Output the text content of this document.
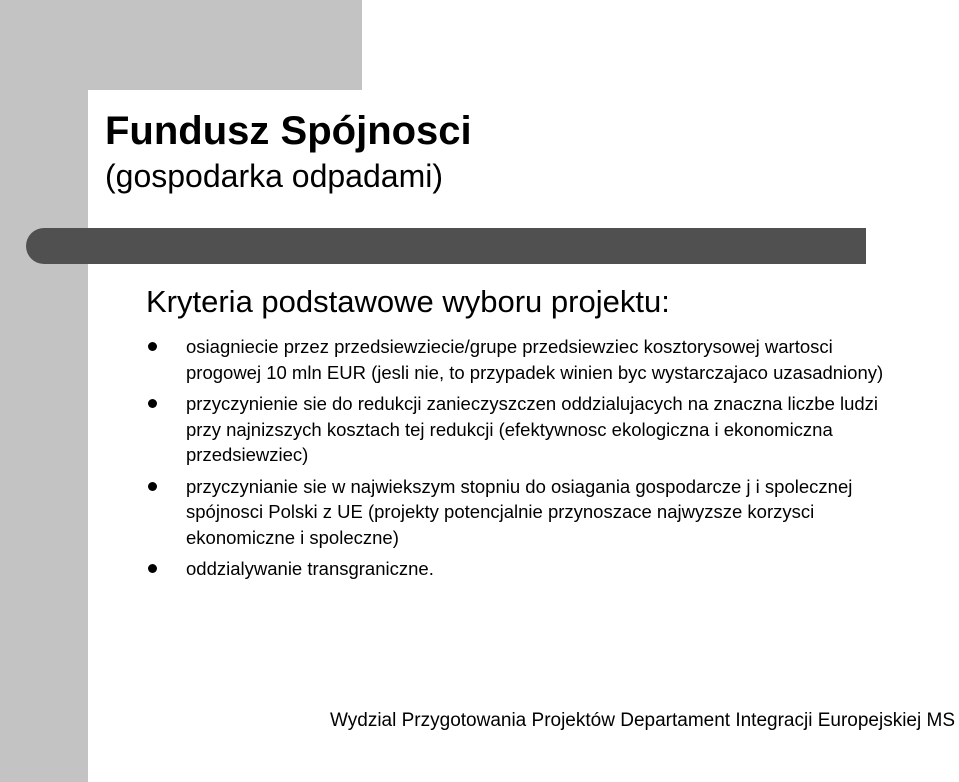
Fundusz Spójnosci

(gospodarka odpadami)

Kryteria podstawowe wyboru projektu:
osiagniecie przez przedsiewziecie/grupe przedsiewziec kosztorysowej wartosci progowej 10 mln EUR (jesli nie, to przypadek winien byc wystarczajaco uzasadniony)
przyczynienie sie do redukcji zanieczyszczen oddzialujacych na znaczna liczbe ludzi przy najnizszych kosztach tej redukcji (efektywnosc ekologiczna i ekonomiczna przedsiewziec)
przyczynianie sie w najwiekszym stopniu do osiagania gospodarcze j i spolecznej spójnosci Polski z UE (projekty potencjalnie przynoszace najwyzsze korzysci ekonomiczne i spoleczne)
oddzialywanie transgraniczne.

Wydzial Przygotowania Projektów Departament Integracji Europejskiej MS
